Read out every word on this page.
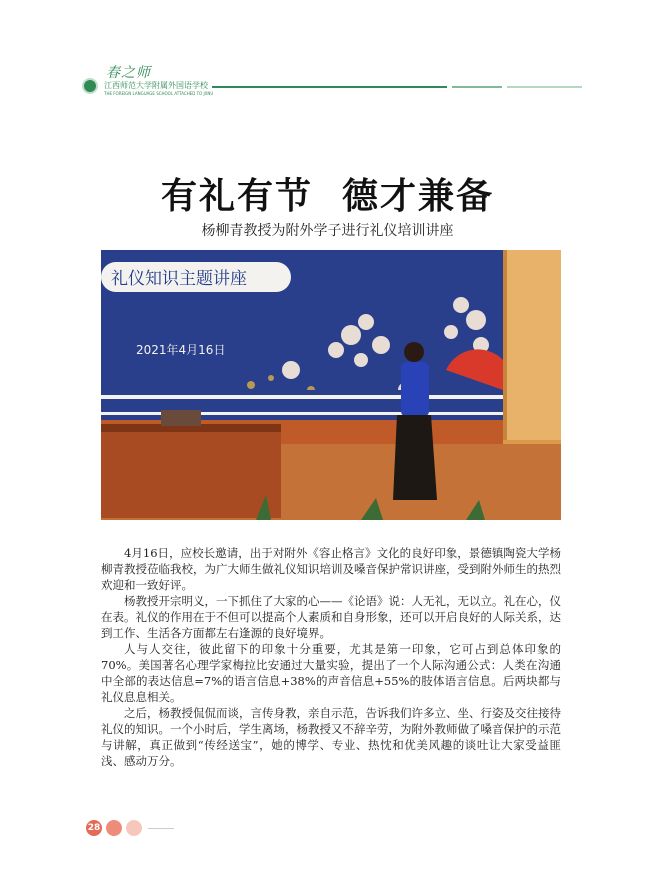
春之师
江西师范大学附属外国语学校
THE FOREIGN LANGUAGE SCHOOL ATTACHED TO JXNU
有礼有节  德才兼备
杨柳青教授为附外学子进行礼仪培训讲座
礼仪知识主题讲座
2021年4月16日

4月16日，应校长邀请，出于对附外《容止格言》文化的良好印象，景德镇陶瓷大学杨柳青教授莅临我校，为广大师生做礼仪知识培训及嗓音保护常识讲座，受到附外师生的热烈欢迎和一致好评。

杨教授开宗明义，一下抓住了大家的心——《论语》说：人无礼，无以立。礼在心，仪在表。礼仪的作用在于不但可以提高个人素质和自身形象，还可以开启良好的人际关系，达到工作、生活各方面都左右逢源的良好境界。

人与人交往，彼此留下的印象十分重要，尤其是第一印象，它可占到总体印象的70%。美国著名心理学家梅拉比安通过大量实验，提出了一个人际沟通公式：人类在沟通中全部的表达信息=7%的语言信息+38%的声音信息+55%的肢体语言信息。后两块都与礼仪息息相关。

之后，杨教授侃侃而谈，言传身教，亲自示范，告诉我们许多立、坐、行姿及交往接待礼仪的知识。一个小时后，学生离场，杨教授又不辞辛劳，为附外教师做了嗓音保护的示范与讲解，真正做到“传经送宝”，她的博学、专业、热忱和优美风趣的谈吐让大家受益匪浅、感动万分。

28
